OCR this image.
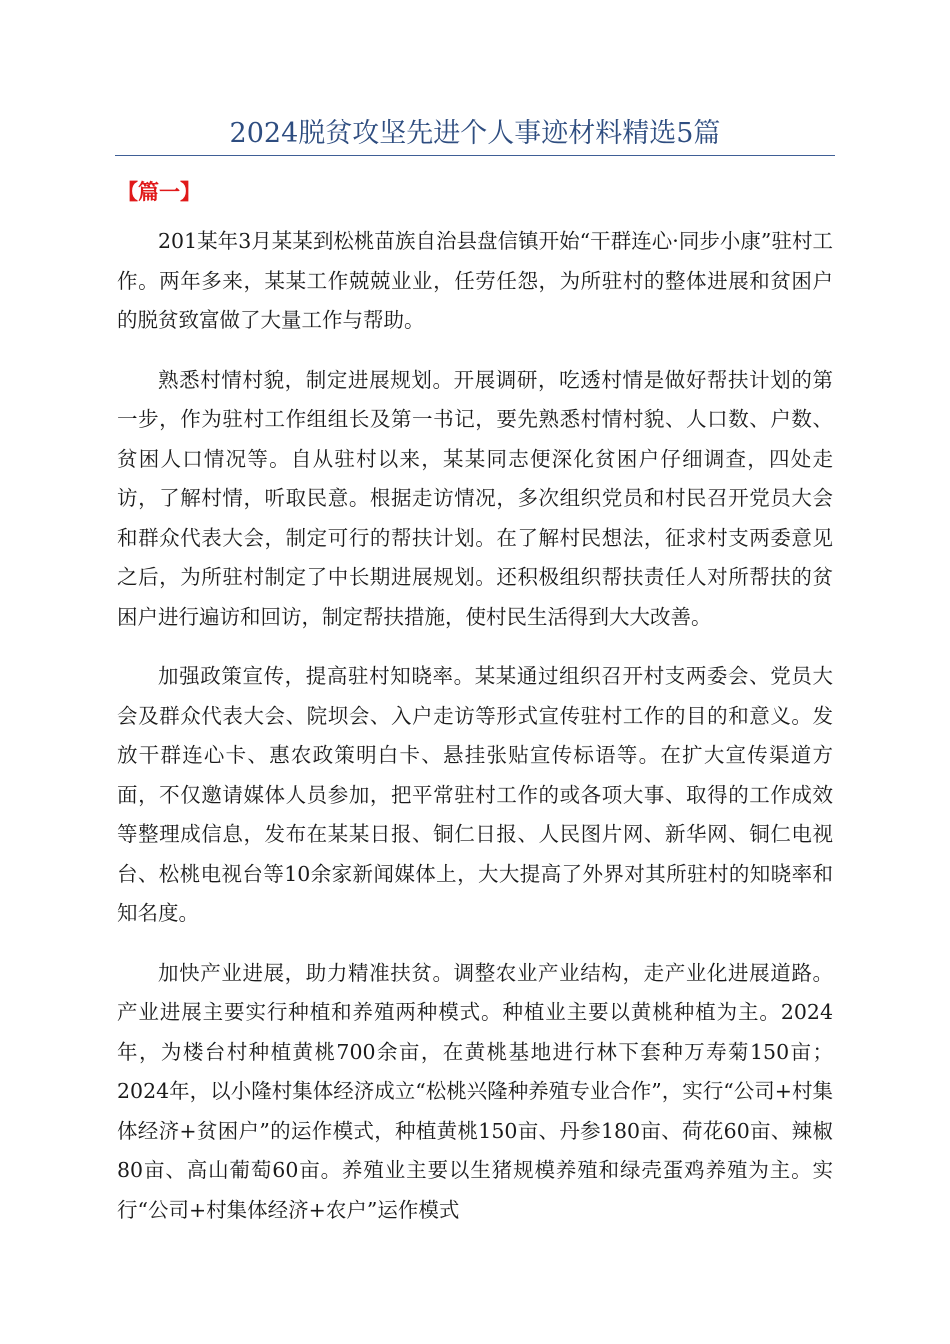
2024脱贫攻坚先进个人事迹材料精选5篇
【篇一】

201某年3月某某到松桃苗族自治县盘信镇开始“干群连心·同步小康”驻村工作。两年多来，某某工作兢兢业业，任劳任怨，为所驻村的整体进展和贫困户的脱贫致富做了大量工作与帮助。

熟悉村情村貌，制定进展规划。开展调研，吃透村情是做好帮扶计划的第一步，作为驻村工作组组长及第一书记，要先熟悉村情村貌、人口数、户数、贫困人口情况等。自从驻村以来，某某同志便深化贫困户仔细调查，四处走访，了解村情，听取民意。根据走访情况，多次组织党员和村民召开党员大会和群众代表大会，制定可行的帮扶计划。在了解村民想法，征求村支两委意见之后，为所驻村制定了中长期进展规划。还积极组织帮扶责任人对所帮扶的贫困户进行遍访和回访，制定帮扶措施，使村民生活得到大大改善。

加强政策宣传，提高驻村知晓率。某某通过组织召开村支两委会、党员大会及群众代表大会、院坝会、入户走访等形式宣传驻村工作的目的和意义。发放干群连心卡、惠农政策明白卡、悬挂张贴宣传标语等。在扩大宣传渠道方面，不仅邀请媒体人员参加，把平常驻村工作的或各项大事、取得的工作成效等整理成信息，发布在某某日报、铜仁日报、人民图片网、新华网、铜仁电视台、松桃电视台等10余家新闻媒体上，大大提高了外界对其所驻村的知晓率和知名度。

加快产业进展，助力精准扶贫。调整农业产业结构，走产业化进展道路。产业进展主要实行种植和养殖两种模式。种植业主要以黄桃种植为主。2024年，为楼台村种植黄桃700余亩，在黄桃基地进行林下套种万寿菊150亩；2024年，以小隆村集体经济成立“松桃兴隆种养殖专业合作”，实行“公司+村集体经济+贫困户”的运作模式，种植黄桃150亩、丹参180亩、荷花60亩、辣椒80亩、高山葡萄60亩。养殖业主要以生猪规模养殖和绿壳蛋鸡养殖为主。实行“公司+村集体经济+农户”运作模式
